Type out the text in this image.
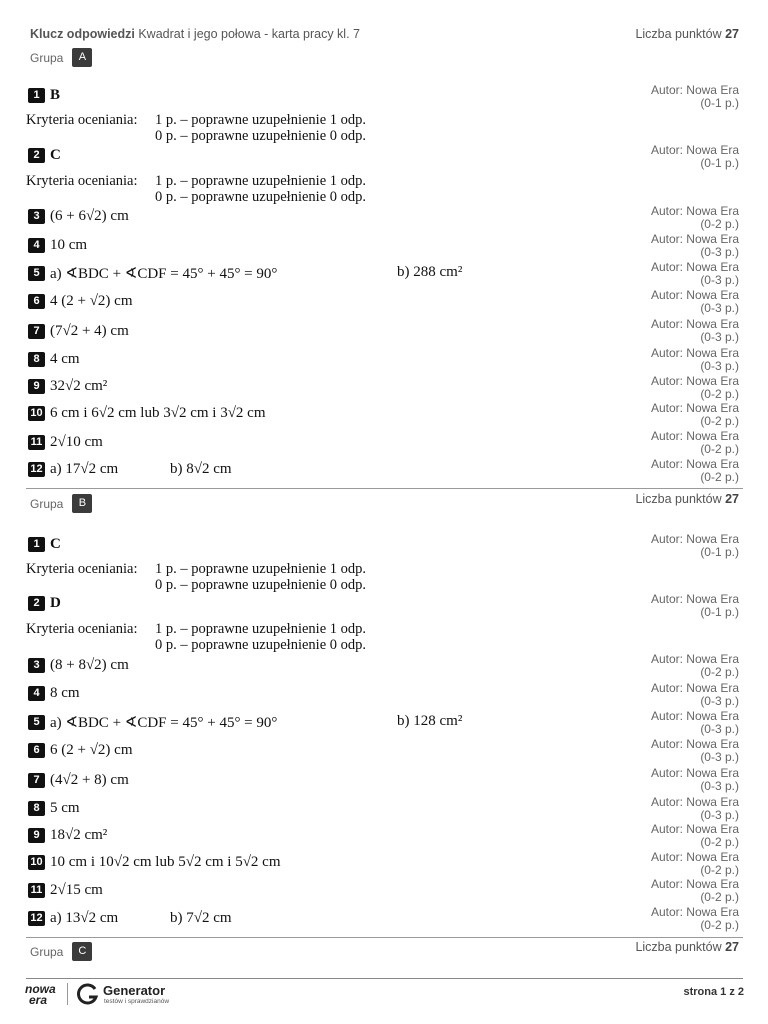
Klucz odpowiedzi Kwadrat i jego połowa - karta pracy kl. 7	Liczba punktów 27
Grupa	A
1 B	Autor: Nowa Era
(0-1 p.)
Kryteria oceniania: 1 p. – poprawne uzupełnienie 1 odp.
0 p. – poprawne uzupełnienie 0 odp.
2 C	Autor: Nowa Era
(0-1 p.)
Kryteria oceniania: 1 p. – poprawne uzupełnienie 1 odp.
0 p. – poprawne uzupełnienie 0 odp.
3 (6 + 6√2) cm	Autor: Nowa Era
(0-2 p.)
4 10 cm	Autor: Nowa Era
(0-3 p.)
5 a) ∢BDC + ∢CDF = 45° + 45° = 90°	b) 288 cm²	Autor: Nowa Era
(0-3 p.)
6 4 (2 + √2) cm	Autor: Nowa Era
(0-3 p.)
7 (7√2 + 4) cm	Autor: Nowa Era
(0-3 p.)
8 4 cm	Autor: Nowa Era
(0-3 p.)
9 32√2 cm²	Autor: Nowa Era
(0-2 p.)
10 6 cm i 6√2 cm lub 3√2 cm i 3√2 cm	Autor: Nowa Era
(0-2 p.)
11 2√10 cm	Autor: Nowa Era
(0-2 p.)
12 a) 17√2 cm	b) 8√2 cm	Autor: Nowa Era
(0-2 p.)
Grupa	B	Liczba punktów 27
1 C	Autor: Nowa Era
(0-1 p.)
Kryteria oceniania: 1 p. – poprawne uzupełnienie 1 odp.
0 p. – poprawne uzupełnienie 0 odp.
2 D	Autor: Nowa Era
(0-1 p.)
Kryteria oceniania: 1 p. – poprawne uzupełnienie 1 odp.
0 p. – poprawne uzupełnienie 0 odp.
3 (8 + 8√2) cm	Autor: Nowa Era
(0-2 p.)
4 8 cm	Autor: Nowa Era
(0-3 p.)
5 a) ∢BDC + ∢CDF = 45° + 45° = 90°	b) 128 cm²	Autor: Nowa Era
(0-3 p.)
6 6 (2 + √2) cm	Autor: Nowa Era
(0-3 p.)
7 (4√2 + 8) cm	Autor: Nowa Era
(0-3 p.)
8 5 cm	Autor: Nowa Era
(0-3 p.)
9 18√2 cm²	Autor: Nowa Era
(0-2 p.)
10 10 cm i 10√2 cm lub 5√2 cm i 5√2 cm	Autor: Nowa Era
(0-2 p.)
11 2√15 cm	Autor: Nowa Era
(0-2 p.)
12 a) 13√2 cm	b) 7√2 cm	Autor: Nowa Era
(0-2 p.)
Grupa	C	Liczba punktów 27
nowa
era
Generator
testów i sprawdzianów
strona 1 z 2
